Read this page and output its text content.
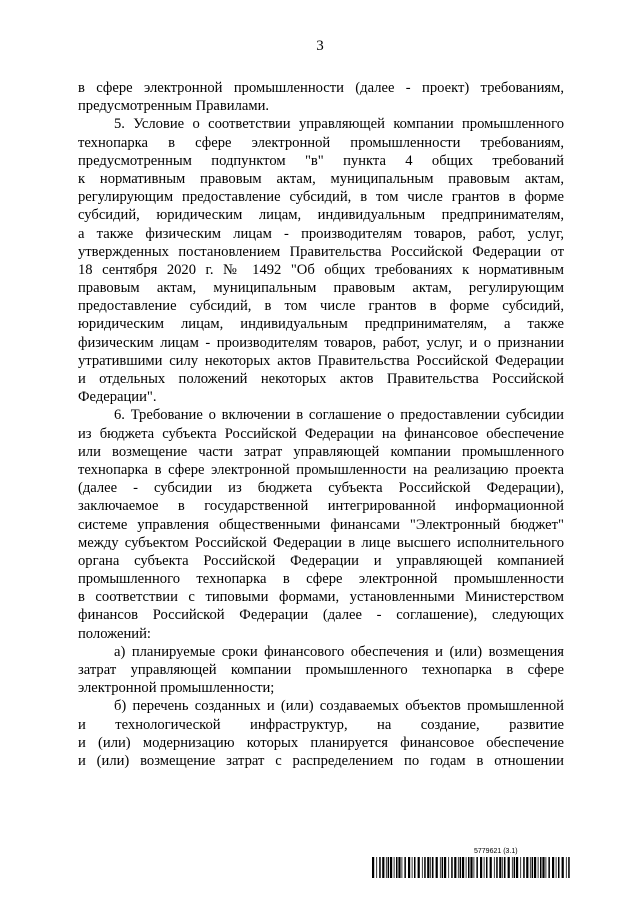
3
в сфере электронной промышленности (далее - проект) требованиям,
предусмотренным Правилами.
5. Условие о соответствии управляющей компании промышленного
технопарка в сфере электронной промышленности требованиям,
предусмотренным подпунктом "в" пункта 4 общих требований
к нормативным правовым актам, муниципальным правовым актам,
регулирующим предоставление субсидий, в том числе грантов в форме
субсидий, юридическим лицам, индивидуальным предпринимателям,
а также физическим лицам - производителям товаров, работ, услуг,
утвержденных постановлением Правительства Российской Федерации от
18 сентября 2020 г. № 1492 "Об общих требованиях к нормативным
правовым актам, муниципальным правовым актам, регулирующим
предоставление субсидий, в том числе грантов в форме субсидий,
юридическим лицам, индивидуальным предпринимателям, а также
физическим лицам - производителям товаров, работ, услуг, и о признании
утратившими силу некоторых актов Правительства Российской Федерации
и отдельных положений некоторых актов Правительства Российской
Федерации".
6. Требование о включении в соглашение о предоставлении субсидии
из бюджета субъекта Российской Федерации на финансовое обеспечение
или возмещение части затрат управляющей компании промышленного
технопарка в сфере электронной промышленности на реализацию проекта
(далее - субсидии из бюджета субъекта Российской Федерации),
заключаемое в государственной интегрированной информационной
системе управления общественными финансами "Электронный бюджет"
между субъектом Российской Федерации в лице высшего исполнительного
органа субъекта Российской Федерации и управляющей компанией
промышленного технопарка в сфере электронной промышленности
в соответствии с типовыми формами, установленными Министерством
финансов Российской Федерации (далее - соглашение), следующих
положений:
а) планируемые сроки финансового обеспечения и (или) возмещения
затрат управляющей компании промышленного технопарка в сфере
электронной промышленности;
б) перечень созданных и (или) создаваемых объектов промышленной
и технологической инфраструктур, на создание, развитие
и (или) модернизацию которых планируется финансовое обеспечение
и (или) возмещение затрат с распределением по годам в отношении
5779621 (3.1)
